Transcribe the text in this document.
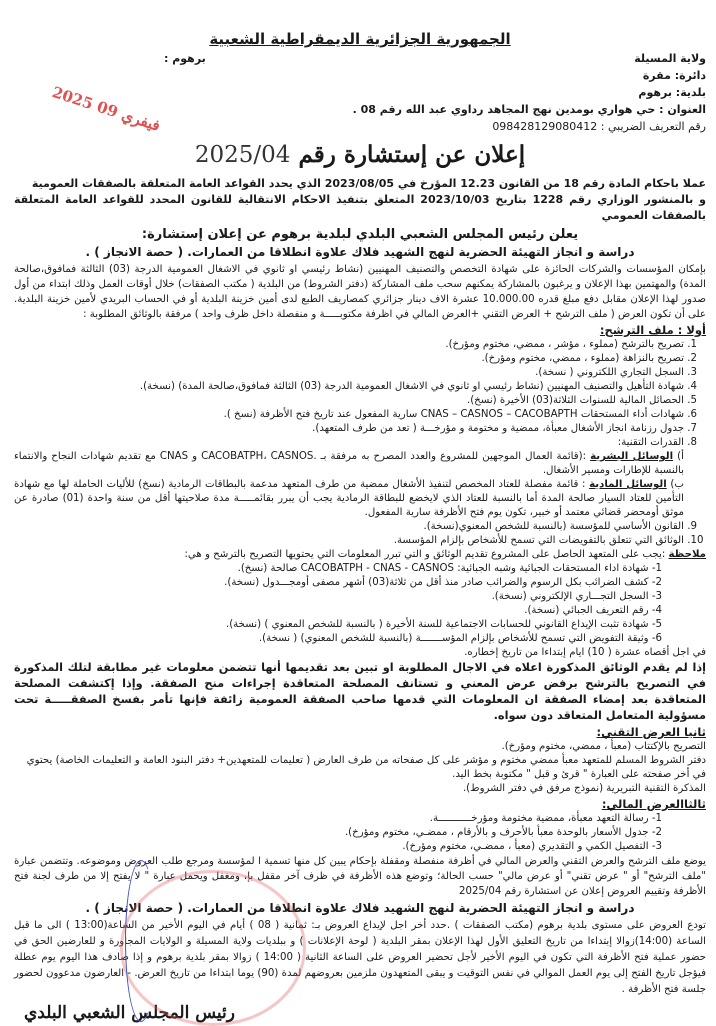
الجمهورية الجزائرية الديمقراطية الشعبية
ولاية المسيلة
دائرة: مقرة
بلدية: برهوم
العنوان : حي هواري بومدين نهج المجاهد رداوي عبد الله رقم 08 .
رقم التعريف الضريبي : 098428129080412
برهوم :
إعلان عن إستشارة رقم 2025/04
عملا باحكام المادة رقم 18 من القانون 12.23 المؤرخ في 2023/08/05 الذي يحدد القواعد العامة المتعلقة بالصفقات العمومية
و بالمنشور الوزاري رقم 1228 بتاريخ 2023/10/03 المتعلق بتنفيذ الاحكام الانتقالية للقانون المحدد للقواعد العامة المتعلقة بالصفقات العمومي
يعلن رئيس المجلس الشعبي البلدي لبلدية برهوم عن إعلان إستشارة:
دراسة و انجاز التهيئة الحضرية لنهج الشهيد فلاك علاوة انطلاقا من العمارات. ( حصة الانجاز ) .

بإمكان المؤسسات والشركات الحائزة على شهادة التخصص والتصنيف المهنيين (نشاط رئيسي او ثانوي في الاشغال العمومية الدرجة (03) الثالثة فمافوق،صالحة المدة) والمهتمين بهذا الإعلان و يرغبون بالمشاركة يمكنهم سحب ملف المشاركة (دفتر الشروط) من البلدية ( مكتب الصفقات) خلال أوقات العمل وذلك ابتداء من أول صدور لهذا الإعلان مقابل دفع مبلغ قدره 10.000.00 عشرة الاف دينار جزائري كمصاريف الطبع لدى أمين خزينة البلدية أو في الحساب البريدي لأمين خزينة البلدية. على أن تكون العرض ( ملف الترشح + العرض التقني +العرض المالي في اظرفة مكتوبـــــة و منفصلة داخل ظرف واحد ) مرفقة بالوثائق المطلوبة :

أولا : ملف الترشح:
1. تصريح بالترشح (مملوء ، مؤشر ، ممضي، مختوم ومؤرخ).
2. تصريح بالنزاهة (مملوء ، ممضي، مختوم ومؤرخ).
3. السجل التجاري اللكتروني ( نسخة).
4. شهادة التأهيل والتصنيف المهنيين (نشاط رئيسي او ثانوي في الاشغال العمومية الدرجة (03) الثالثة فمافوق،صالحة المدة) (نسخة).
5. الحصائل المالية للسنوات الثلاثة(03) الأخيرة (نسخ).
6. شهادات أداء المستحقات CNAS – CASNOS – CACOBAPTH سارية المفعول عند تاريخ فتح الأظرفة (نسخ ).
7. جدول رزنامة انجاز الأشغال معبأة، ممضية و مختومة و مؤرخـــة ( تعد من طرف المتعهد).
8. القدرات التقنية:

أ) الوسائل البشرية :(قائمة العمال الموجهين للمشروع والعدد المصرح به مرفقة بـ .CACOBATPH، CASNOS و CNAS مع تقديم شهادات النجاح والانتماء بالنسبة للإطارات ومسير الأشغال.

ب) الوسائل المادية : قائمة مفصلة للعتاد المخصص لتنفيذ الأشغال ممضية من طرف المتعهد مدعمة بالبطاقات الرمادية (نسخ) للأليات الحاملة لها مع شهادة التأمين للعتاد السيار صالحة المدة أما بالنسبة للعتاد الذي لايخضع للبطاقة الرمادية يجب أن يبرر بقائمـــــة مدة صلاحيتها أقل من سنة واحدة (01) صادرة عن موثق أومحضر قضائي معتمد أو خبير، تكون يوم فتح الأظرفة سارية المفعول.

9. القانون الأساسي للمؤسسة (بالنسبة للشخص المعنوي(نسخة).
10. الوثائق التي تتعلق بالتفويضات التي تسمح للأشخاص بإلزام المؤسسة.

ملاحظة :يجب على المتعهد الحاصل على المشروع تقديم الوثائق و التي تبرر المعلومات التي يحتويها التصريح بالترشح و هي:

1- شهادة اداء المستحقات الجبائية وشبه الجبائية: CACOBATPH - CNAS - CASNOS صالحة (نسخ).
2- كشف الضرائب بكل الرسوم والضرائب صادر منذ أقل من ثلاثة(03) أشهر مصفى أومجـــدول (نسخة).
3- السجل التجـــاري الإلكتروني (نسخة).
4- رقم التعريف الجبائي (نسخة).
5- شهادة تثبت الإيداع القانوني للحسابات الاجتماعية للسنة الأخيرة ( بالنسبة للشخص المعنوي ) (نسخة).
6- وثيقة التفويض التي تسمح للأشخاص بإلزام المؤســـــــة (بالنسبة للشخص المعنوي) ( نسخة).

في اجل أقصاه عشرة ( 10) ايام إبتداءا من تاريخ إخطاره.

إذا لم يقدم الوثائق المذكورة اعلاه في الاجال المطلوبة او تبين بعد تقديمها أنها تتضمن معلومات غير مطابقة لتلك المذكورة في التصريح بالترشح برفض عرض المعني و تستانف المصلحة المتعاقدة إجراءات منح الصفقة. وإذا إكتشفت المصلحة المتعاقدة بعد إمضاء الصفقة ان المعلومات التي قدمها صاحب الصفقة العمومية زائفة فإنها تأمر بفسخ الصفقـــــة تحت مسؤولية المتعامل المتعاقد دون سواه.

ثانيا العرض التقني:
التصريح بالإكتتاب (معبأ ، ممضي، مختوم ومؤرخ).
دفتر الشروط المسلم للمتعهد معبأ ممضي مختوم و مؤشر على كل صفحاته من طرف العارض ( تعليمات للمتعهدين+ دفتر البنود العامة و التعليمات الخاصة) يحتوي في أخر صفحته على العبارة " قرئ و قبل " مكتوبة بخط اليد.
المذكرة التقنية التبريرية (نموذج مرفق في دفتر الشروط).
ثالثاالعرض المالي:
1- رسالة التعهد معبأة، ممضية مختومة ومؤرخـــــــــــة.
2- جدول الأسعار بالوحدة معبأ بالأحرف و بالأرقام ، ممضـي، مختوم ومؤرخ).
3- التفصيل الكمي و التقديري (معبأ ، ممضـي، مختوم ومؤرخ).

يوضع ملف الترشح والعرض التقني والعرض المالي في أظرفة منفصلة ومقفلة بإحكام يبين كل منها تسمية ا لمؤسسة ومرجع طلب العروض وموضوعه. وتتضمن عبارة "ملف الترشح" أو " عرض تقني" أو عرض مالي" حسب الحالة؛ وتوضع هذه الأظرفة في ظرف آخر مقفل بإ، ومغفل ويحمل عبارة " لا يفتح إلا من طرف لجنة فتح الأظرفة وتقييم العروض إعلان عن استشارة رقم 2025/04

دراسة و انجاز التهيئة الحضرية لنهج الشهيد فلاك علاوة انطلاقا من العمارات. ( حصة الانجاز ) .

تودع العروض على مستوى بلدية برهوم (مكتب الصفقات ) .حدد أخر اجل لإيداع العروض بـ: ثمانية ( 08 ) أيام في اليوم الأخير من الساعة(13:00 ) الى ما قبل الساعة (14:00)زوالا إبتداءا من تاريخ التعليق الأول لهذا الإعلان بمقر البلدية ( لوحة الإعلانات ) و ببلديات ولاية المسيلة و الولايات المجاورة و للعارضين الحق في حضور عملية فتح الأظرفة التي تكون في اليوم الأخير لأجل تحضير العروض على الساعة الثانية ( 14:00 ) زوالا بمقر بلدية برهوم و إذا صادف هذا اليوم يوم عطلة فيؤجل تاريخ الفتح إلى يوم العمل الموالي في نفس التوقيت و يبقى المتعهدون ملزمين بعروضهم لمدة (90) يوما ابتداءا من تاريخ العرض. - العارضون مدعوون لحضور جلسة فتح الأظرفة .

رئيس المجلس الشعبي البلدي
2025 فيفري 09
